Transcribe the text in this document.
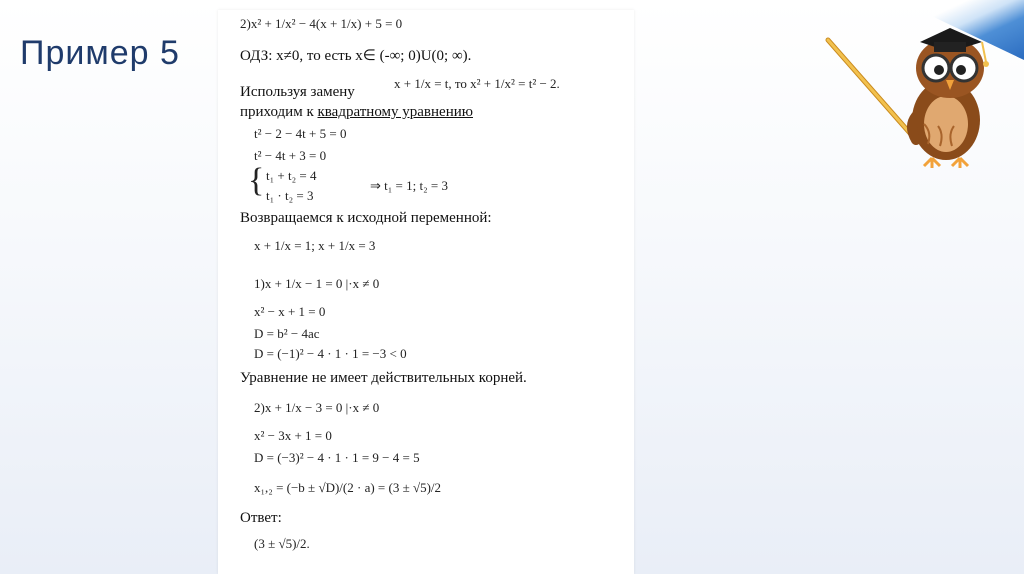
Пример 5
2)x² + 1/x² − 4(x + 1/x) + 5 = 0
ОДЗ: x≠0, то есть x∈ (-∞; 0)U(0; ∞).
Используя замену
x + 1/x = t, то x² + 1/x² = t² − 2.
приходим к квадратному уравнению
t² − 2 − 4t + 5 = 0
t² − 4t + 3 = 0
{ t₁ + t₂ = 4
t₁ · t₂ = 3
⇒ t₁ = 1; t₂ = 3
Возвращаемся к исходной переменной:
x + 1/x = 1; x + 1/x = 3
1)x + 1/x − 1 = 0 |·x ≠ 0
x² − x + 1 = 0
D = b² − 4ac
D = (−1)² − 4 · 1 · 1 = −3 < 0
Уравнение не имеет действительных корней.
2)x + 1/x − 3 = 0 |·x ≠ 0
x² − 3x + 1 = 0
D = (−3)² − 4 · 1 · 1 = 9 − 4 = 5
x₁,₂ = (−b ± √D)/(2 · a) = (3 ± √5)/2
Ответ:
(3 ± √5)/2.
